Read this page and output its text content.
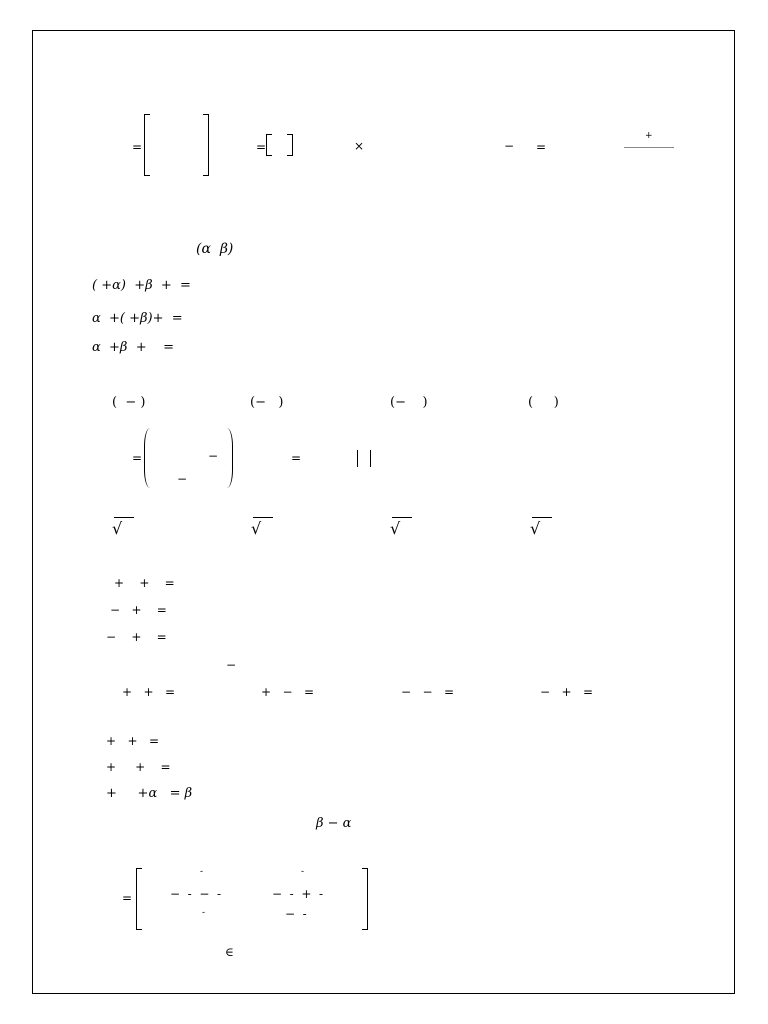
=	=	×	− =
+
(α  β)
( +α)  +β  +  =
α  +( +β)+  =
α  +β  +    =
(  − )	(−   )	(−    )	(     )
=	−
−
=
√	√	√	√
+    +    =
−   +    =
−    +    =
−
+   +   =	+   −   =	−   −   =	−   +   =
+   +   =
+     +    =
+     +α   = β
β − α
=
-
−  -  −  -
-
-
−  -  +  -
−  -
∈
